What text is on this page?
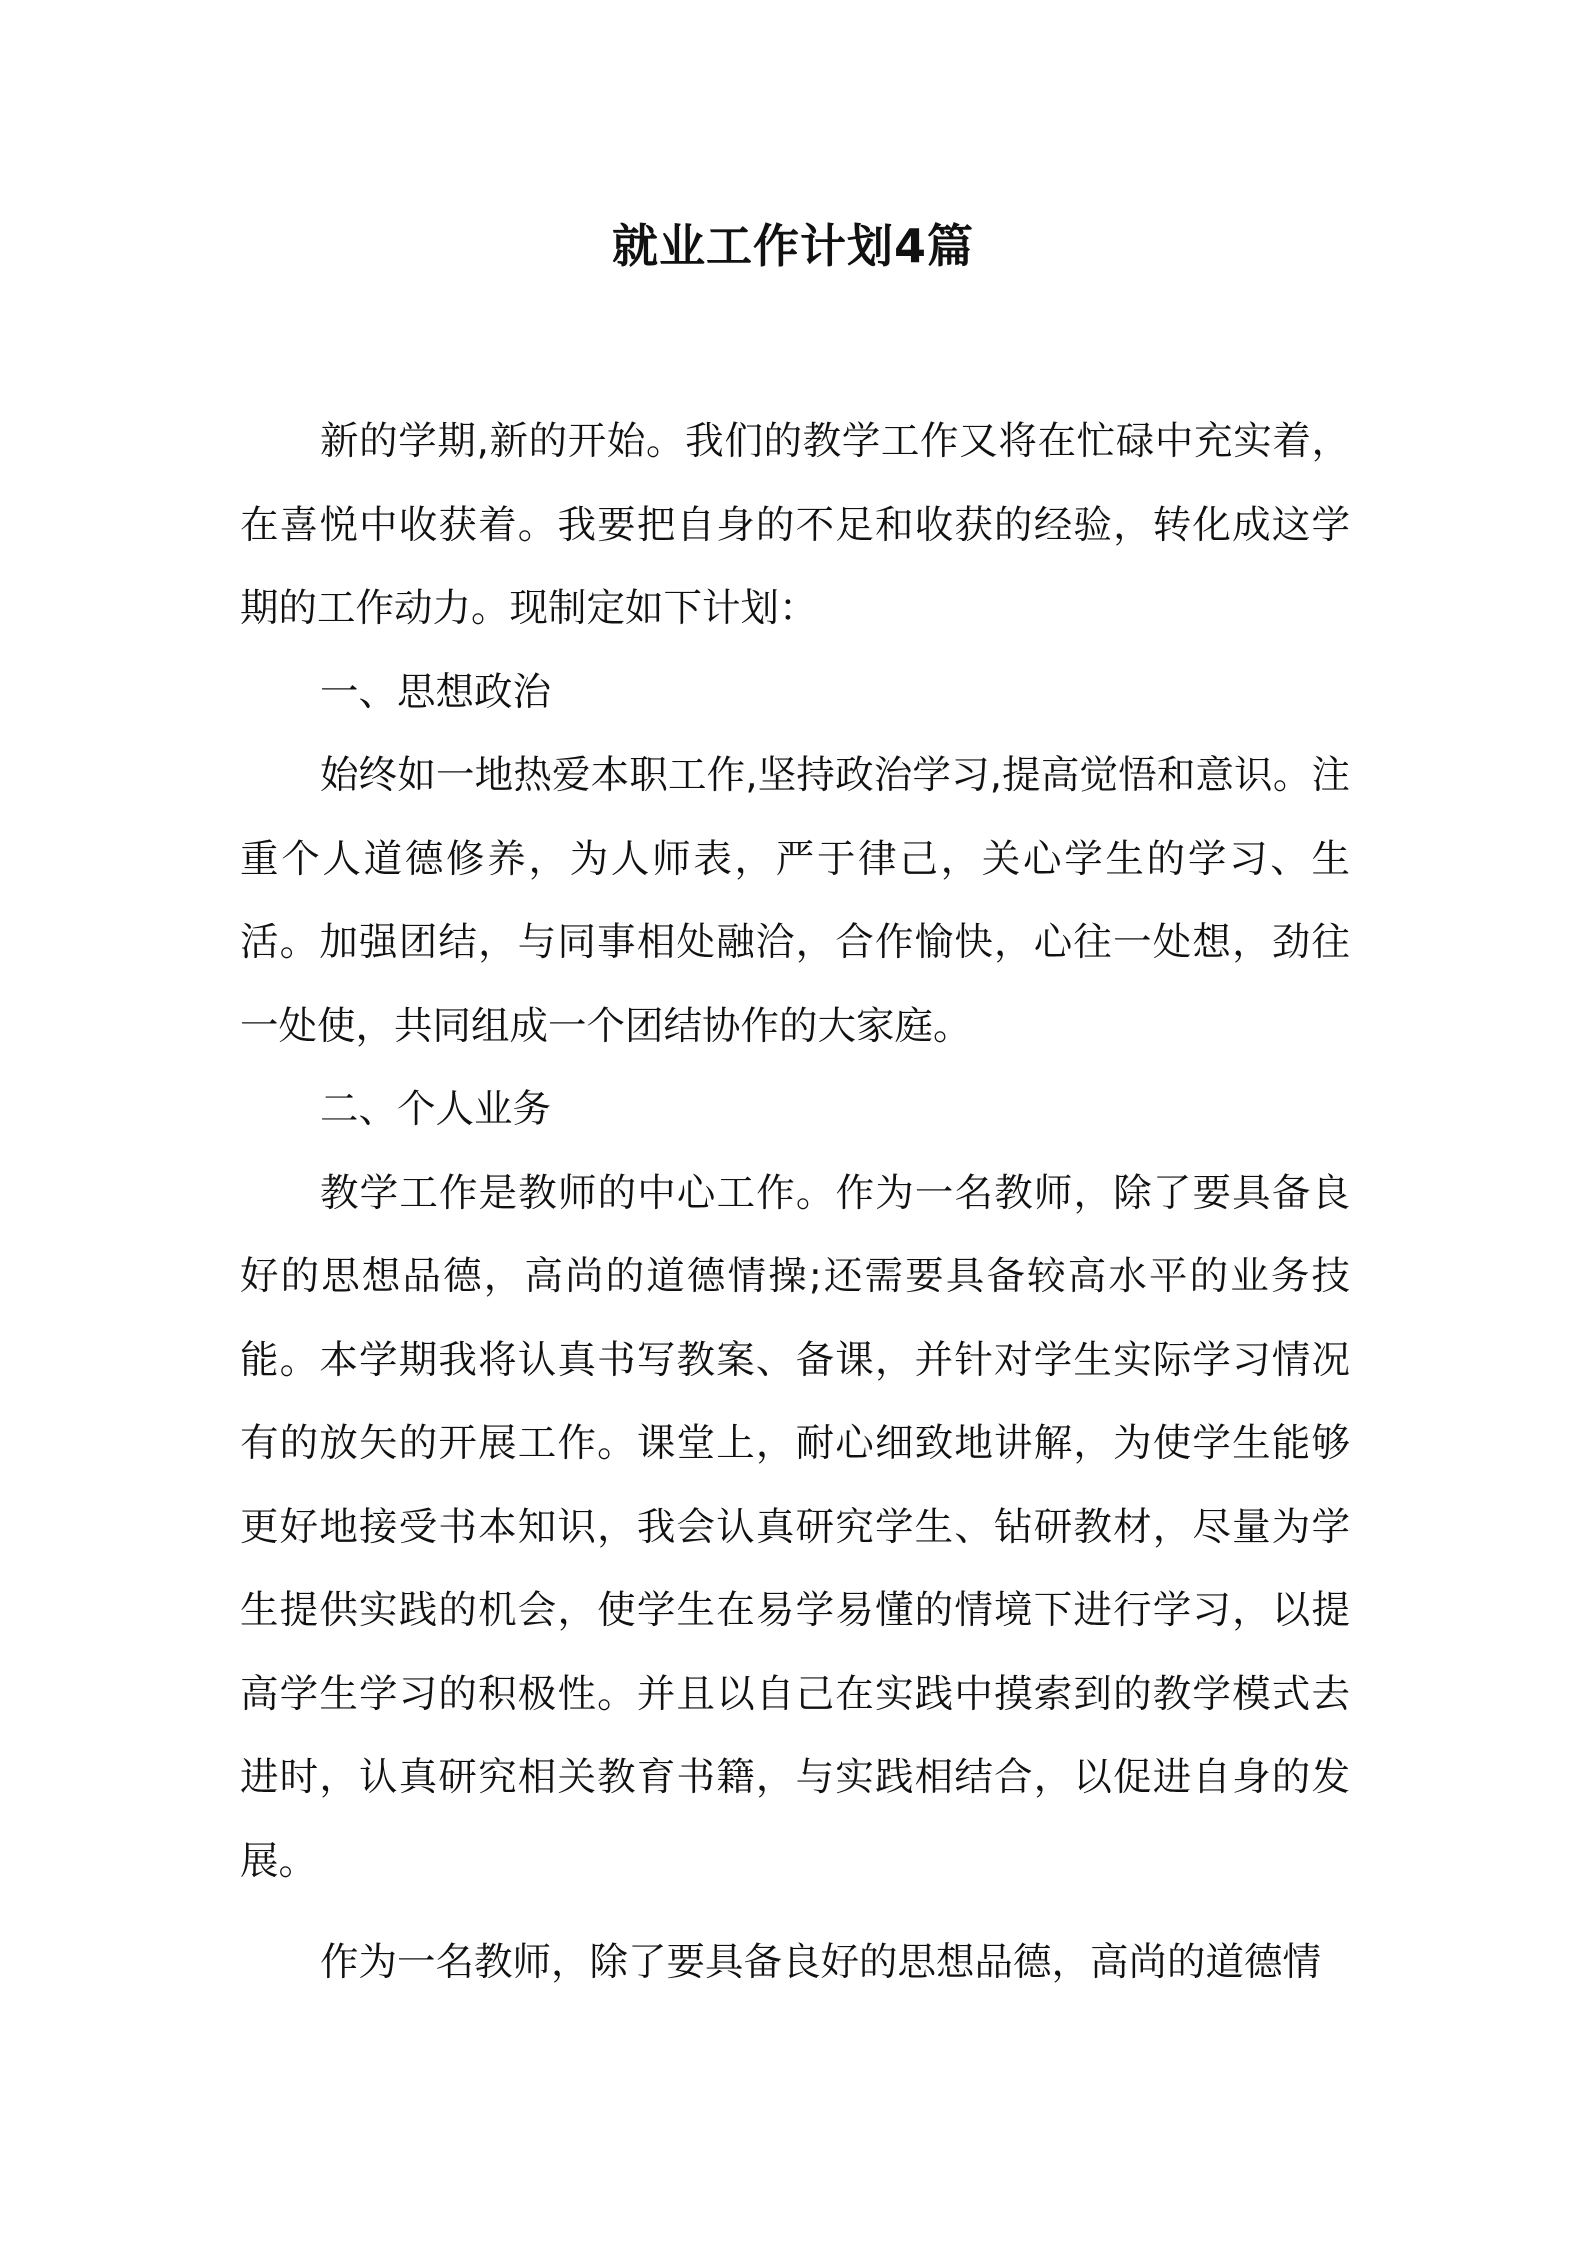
就业工作计划4篇

新的学期,新的开始。我们的教学工作又将在忙碌中充实着，在喜悦中收获着。我要把自身的不足和收获的经验，转化成这学期的工作动力。现制定如下计划：

一、思想政治

始终如一地热爱本职工作,坚持政治学习,提高觉悟和意识。注重个人道德修养，为人师表，严于律己，关心学生的学习、生活。加强团结，与同事相处融洽，合作愉快，心往一处想，劲往一处使，共同组成一个团结协作的大家庭。

二、个人业务

教学工作是教师的中心工作。作为一名教师，除了要具备良好的思想品德，高尚的道德情操;还需要具备较高水平的业务技能。本学期我将认真书写教案、备课，并针对学生实际学习情况有的放矢的开展工作。课堂上，耐心细致地讲解，为使学生能够更好地接受书本知识，我会认真研究学生、钻研教材，尽量为学生提供实践的机会，使学生在易学易懂的情境下进行学习，以提高学生学习的积极性。并且以自己在实践中摸索到的教学模式去进时，认真研究相关教育书籍，与实践相结合，以促进自身的发展。

作为一名教师，除了要具备良好的思想品德，高尚的道德情
